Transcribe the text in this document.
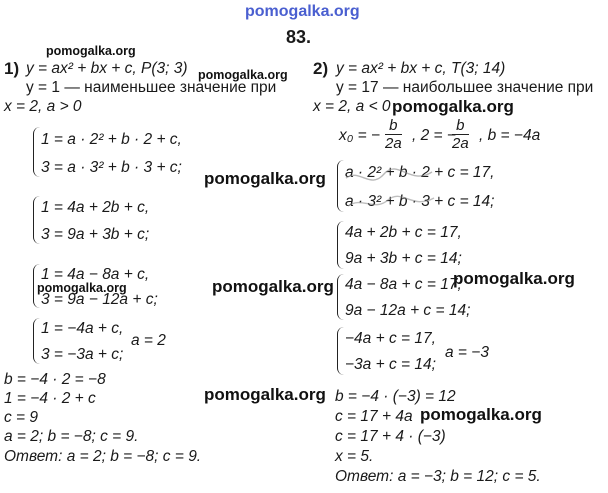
pomogalka.org
pomogalka.org
pomogalka.org
pomogalka.org
pomogalka.org
pomogalka.org
pomogalka.org
pomogalka.org
pomogalka.org
pomogalka.org
83.
1) y = ax² + bx + c, P(3; 3)
y = 1 — наименьшее значение при
x = 2, a > 0
1 = a · 2² + b · 2 + c,
3 = a · 3² + b · 3 + c;
1 = 4a + 2b + c,
3 = 9a + 3b + c;
1 = 4a − 8a + c,
3 = 9a − 12a + c;
1 = −4a + c,
3 = −3a + c;
a = 2
b = −4 · 2 = −8
1 = −4 · 2 + c
c = 9
a = 2; b = −8; c = 9.
Ответ: a = 2; b = −8; c = 9.
2) y = ax² + bx + c, T(3; 14)
y = 17 — наибольшее значение при
x = 2, a < 0
x₀ = − $\frac{b}{2a}$ , 2 = −
$\frac{b}{2a}$ , b = −4a
a · 2² + b · 2 + c = 17,
a · 3² + b · 3 + c = 14;
4a + 2b + c = 17,
9a + 3b + c = 14;
4a − 8a + c = 17,
9a − 12a + c = 14;
−4a + c = 17,
−3a + c = 14;
a = −3
b = −4 · (−3) = 12
c = 17 + 4a
c = 17 + 4 · (−3)
x = 5.
Ответ: a = −3; b = 12; c = 5.
